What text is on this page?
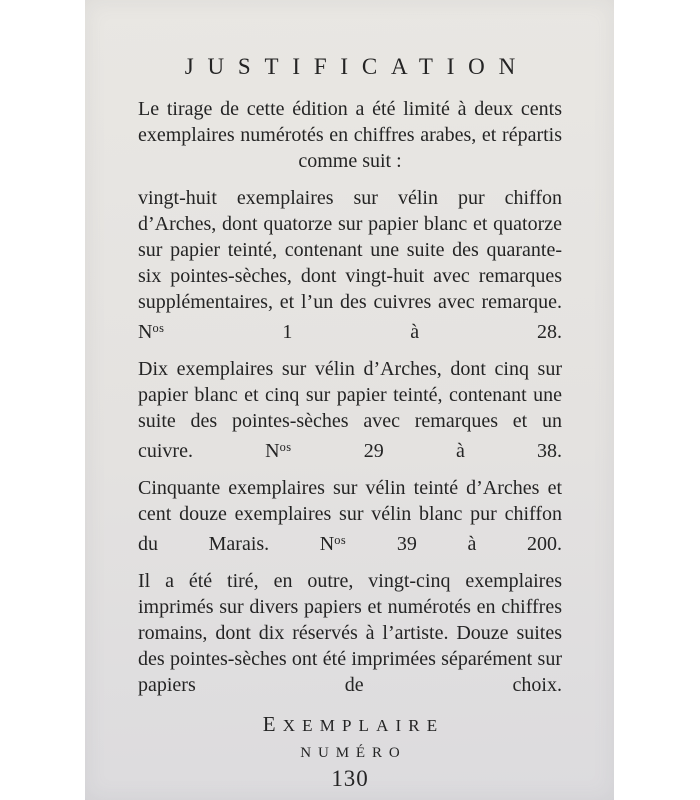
JUSTIFICATION

Le tirage de cette édition a été limité à deux cents exemplaires numérotés en chiffres arabes, et répartis comme suit :

vingt-huit exemplaires sur vélin pur chiffon d’Arches, dont quatorze sur papier blanc et quatorze sur papier teinté, contenant une suite des quarante-six pointes-sèches, dont vingt-huit avec remarques supplémentaires, et l’un des cuivres avec remarque. $N^{os}$ 1 à 28.

Dix exemplaires sur vélin d’Arches, dont cinq sur papier blanc et cinq sur papier teinté, contenant une suite des pointes-sèches avec remarques et un cuivre. $N^{os}$ 29 à 38.

Cinquante exemplaires sur vélin teinté d’Arches et cent douze exemplaires sur vélin blanc pur chiffon du Marais. $N^{os}$ 39 à 200.

Il a été tiré, en outre, vingt-cinq exemplaires imprimés sur divers papiers et numérotés en chiffres romains, dont dix réservés à l’artiste. Douze suites des pointes-sèches ont été imprimées séparément sur papiers de choix.

EXEMPLAIRE
NUMÉRO
130
